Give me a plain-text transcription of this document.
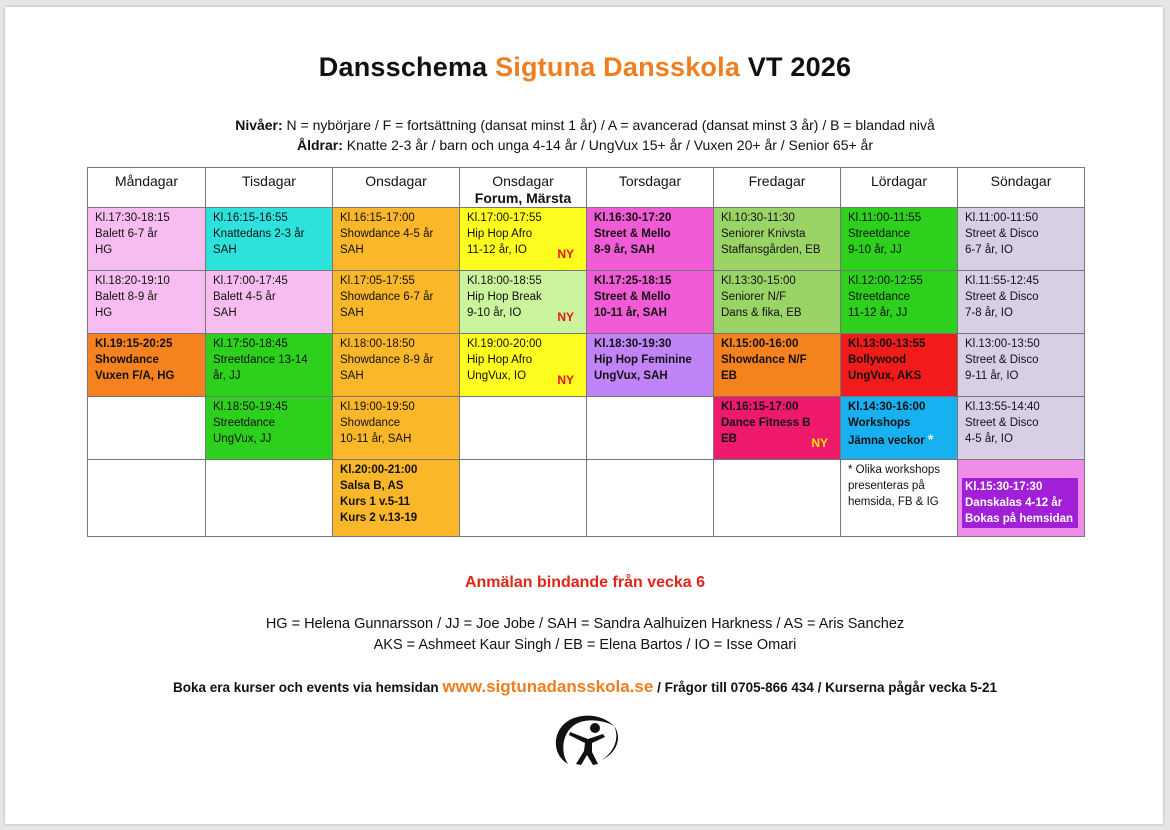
Dansschema Sigtuna Dansskola VT 2026
Nivåer: N = nybörjare / F = fortsättning (dansat minst 1 år) / A = avancerad (dansat minst 3 år) / B = blandad nivå
Åldrar: Knatte 2-3 år / barn och unga 4-14 år / UngVux 15+ år / Vuxen 20+ år / Senior 65+ år
Måndagar	Tisdagar	Onsdagar	Onsdagar
Forum, Märsta	Torsdagar	Fredagar	Lördagar	Söndagar

Kl.17:30-18:15
Balett 6-7 år
HG	Kl.16:15-16:55
Knattedans 2-3 år
SAH	Kl.16:15-17:00
Showdance 4-5 år
SAH	Kl.17:00-17:55
Hip Hop Afro
11-12 år, IO NY	Kl.16:30-17:20
Street & Mello
8-9 år, SAH	Kl.10:30-11:30
Seniorer Knivsta
Staffansgården, EB	Kl.11:00-11:55
Streetdance
9-10 år, JJ	Kl.11:00-11:50
Street & Disco
6-7 år, IO

Kl.18:20-19:10
Balett 8-9 år
HG	Kl.17:00-17:45
Balett 4-5 år
SAH	Kl.17:05-17:55
Showdance 6-7 år
SAH	Kl.18:00-18:55
Hip Hop Break
9-10 år, IO NY	Kl.17:25-18:15
Street & Mello
10-11 år, SAH	Kl.13:30-15:00
Seniorer N/F
Dans & fika, EB	Kl.12:00-12:55
Streetdance
11-12 år, JJ	Kl.11:55-12:45
Street & Disco
7-8 år, IO

Kl.19:15-20:25
Showdance
Vuxen F/A, HG	Kl.17:50-18:45
Streetdance 13-14
år, JJ	Kl.18:00-18:50
Showdance 8-9 år
SAH	Kl.19:00-20:00
Hip Hop Afro
UngVux, IO NY	Kl.18:30-19:30
Hip Hop Feminine
UngVux, SAH	Kl.15:00-16:00
Showdance N/F
EB	Kl.13:00-13:55
Bollywood
UngVux, AKS	Kl.13:00-13:50
Street & Disco
9-11 år, IO

	Kl.18:50-19:45
Streetdance
UngVux, JJ	Kl.19:00-19:50
Showdance
10-11 år, SAH			Kl.16:15-17:00
Dance Fitness B
EB NY	Kl.14:30-16:00
Workshops
Jämna veckor *	Kl.13:55-14:40
Street & Disco
4-5 år, IO

		Kl.20:00-21:00
Salsa B, AS
Kurs 1 v.5-11
Kurs 2 v.13-19				* Olika workshops
presenteras på
hemsida, FB & IG	Kl.15:30-17:30
Danskalas 4-12 år
Bokas på hemsidan
Anmälan bindande från vecka 6
HG = Helena Gunnarsson / JJ = Joe Jobe / SAH = Sandra Aalhuizen Harkness / AS = Aris Sanchez
AKS = Ashmeet Kaur Singh / EB = Elena Bartos / IO = Isse Omari
Boka era kurser och events via hemsidan www.sigtunadansskola.se / Frågor till 0705-866 434 / Kurserna pågår vecka 5-21
